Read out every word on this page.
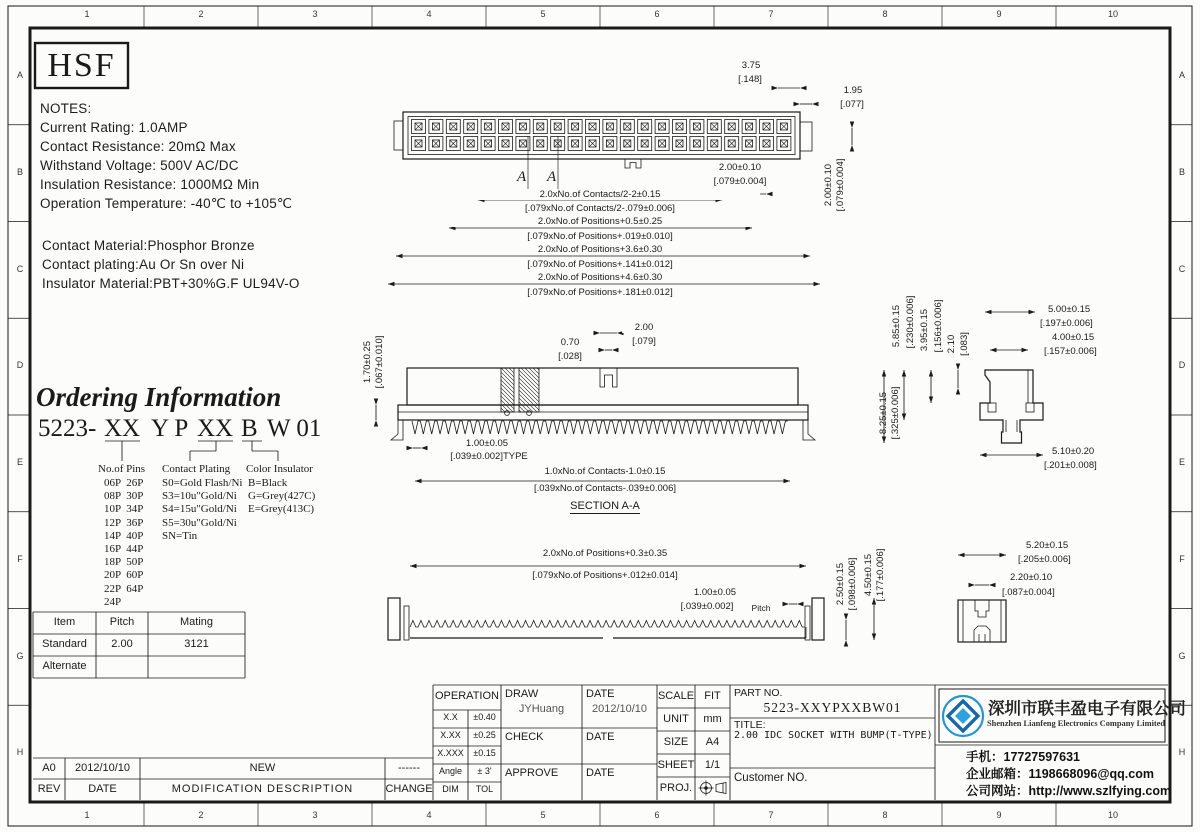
HSF
NOTES:
Current Rating: 1.0AMP
Contact Resistance: 20mΩ Max
Withstand Voltage: 500V AC/DC
Insulation Resistance: 1000MΩ Min
Operation Temperature: -40℃ to +105℃
Contact Material:Phosphor Bronze
Contact plating:Au Or Sn over Ni
Insulator Material:PBT+30%G.F UL94V-O
Ordering Information
5223- XX Y P XX B W 01
No.of Pins Contact Plating Color Insulator
06P  26P
08P  30P
10P  34P
12P  36P
14P  40P
16P  44P
18P  50P
20P  60P
22P  64P
24P
S0=Gold Flash/Ni
S3=10u"Gold/Ni
S4=15u"Gold/Ni
S5=30u"Gold/Ni
SN=Tin
B=Black
G=Grey(427C)
E=Grey(413C)
Item	Pitch	Mating
Standard	2.00	3121
Alternate
A0	2012/10/10	NEW	------
REV	DATE	MODIFICATION DESCRIPTION	CHANGE
OPERATION
X.X	±0.40
X.XX	±0.25
X.XXX	±0.15
Angle	± 3'
DIM	TOL
DRAW
JYHuang
DATE
2012/10/10
CHECK	DATE
APPROVE	DATE
SCALE FIT
UNIT	mm
SIZE	A4
SHEET 1/1
PROJ.
PART NO.
5223-XXYPXXBW01
TITLE:
2.00 IDC SOCKET WITH BUMP(T-TYPE)
Customer NO.
深圳市联丰盈电子有限公司
Shenzhen Lianfeng Electronics Company Limited
手机：17727597631
企业邮箱：1198668096@qq.com
公司网站：http://www.szlfying.com
3.75
[.148]
1.95
[.077]
2.00±0.10
[.079±0.004]	2.00±0.10 [.079±0.004]
2.0xNo.of Contacts/2-2±0.15
[.079xNo.of Contacts/2-.079±0.006]
2.0xNo.of Positions+0.5±0.25
[.079xNo.of Positions+.019±0.010]
2.0xNo.of Positions+3.6±0.30
[.079xNo.of Positions+.141±0.012]
2.0xNo.of Positions+4.6±0.30
[.079xNo.of Positions+.181±0.012]
A A
1.70±0.25 [.067±0.010]	0.70
[.028]
2.00
[.079]
1.00±0.05
[.039±0.002]TYPE
1.0xNo.of Contacts-1.0±0.15
[.039xNo.of Contacts-.039±0.006]
SECTION A-A
5.85±0.15 [.230±0.006] 3.95±0.15 [.156±0.006] 2.10 [.083]
8.25±0.15 [.325±0.006]
5.00±0.15
[.197±0.006]
4.00±0.15
[.157±0.006]
5.10±0.20
[.201±0.008]
2.0xNo.of Positions+0.3±0.35
[.079xNo.of Positions+.012±0.014]
1.00±0.05
[.039±0.002]	Pitch
2.50±0.15 [.098±0.006] 4.50±0.15 [.177±0.006]
5.20±0.15
[.205±0.006]
2.20±0.10
[.087±0.004]
1
1
2
2
3
3
4
4
5
5
6
6
7
7
8
8
9
9
10
10
A	A
B	B
C	C
D	D
E	E
F	F
G	G
H	H
